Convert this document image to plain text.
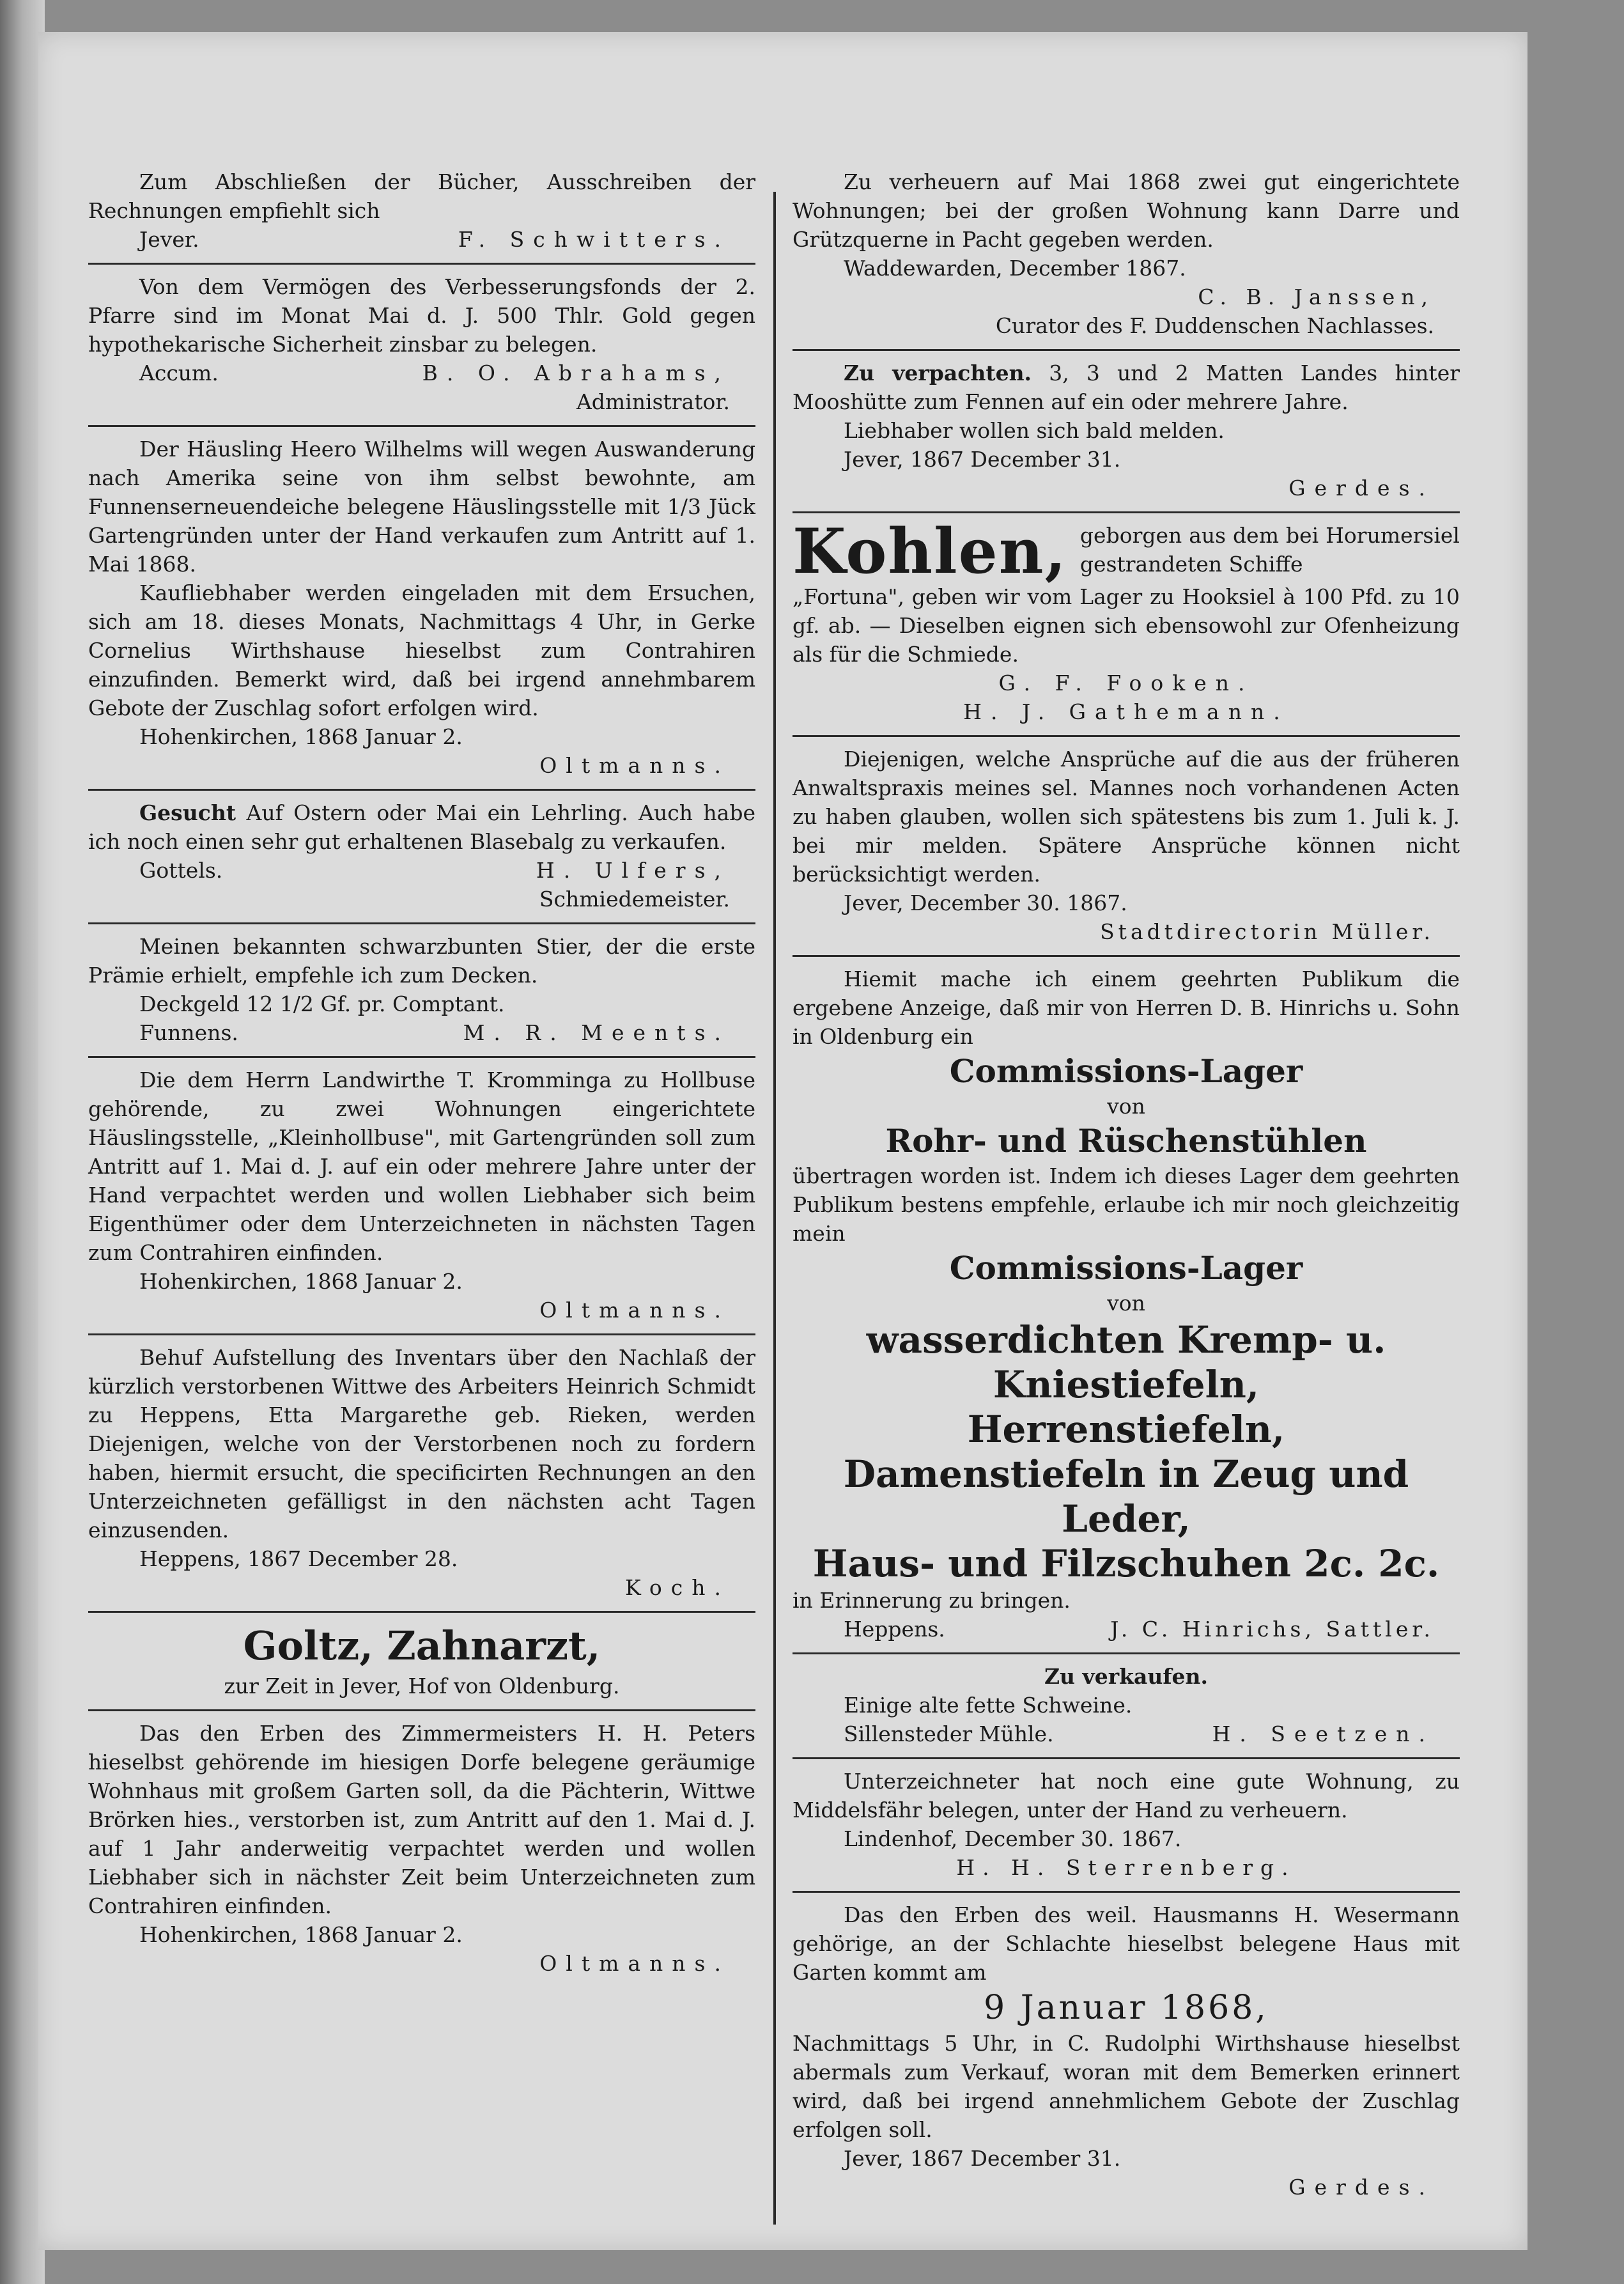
Zum Abschließen der Bücher, Ausschreiben der Rechnungen empfiehlt sich

Jever.	F. Schwitters.

Von dem Vermögen des Verbesserungsfonds der 2. Pfarre sind im Monat Mai d. J. 500 Thlr. Gold gegen hypothekarische Sicherheit zinsbar zu belegen.

Accum.	B. O. Abrahams,

Administrator.

Der Häusling Heero Wilhelms will wegen Auswanderung nach Amerika seine von ihm selbst bewohnte, am Funnenserneuendeiche belegene Häuslingsstelle mit 1/3 Jück Gartengründen unter der Hand verkaufen zum Antritt auf 1. Mai 1868.

Kaufliebhaber werden eingeladen mit dem Ersuchen, sich am 18. dieses Monats, Nachmittags 4 Uhr, in Gerke Cornelius Wirthshause hieselbst zum Contrahiren einzufinden. Bemerkt wird, daß bei irgend annehmbarem Gebote der Zuschlag sofort erfolgen wird.

Hohenkirchen, 1868 Januar 2.

Oltmanns.

Gesucht Auf Ostern oder Mai ein Lehrling. Auch habe ich noch einen sehr gut erhaltenen Blasebalg zu verkaufen.

Gottels.	H. Ulfers,

Schmiedemeister.

Meinen bekannten schwarzbunten Stier, der die erste Prämie erhielt, empfehle ich zum Decken.

Deckgeld 12 1/2 Gf. pr. Comptant.

Funnens.	M. R. Meents.

Die dem Herrn Landwirthe T. Kromminga zu Hollbuse gehörende, zu zwei Wohnungen eingerichtete Häuslingsstelle, „Kleinhollbuse", mit Gartengründen soll zum Antritt auf 1. Mai d. J. auf ein oder mehrere Jahre unter der Hand verpachtet werden und wollen Liebhaber sich beim Eigenthümer oder dem Unterzeichneten in nächsten Tagen zum Contrahiren einfinden.

Hohenkirchen, 1868 Januar 2.

Oltmanns.

Behuf Aufstellung des Inventars über den Nachlaß der kürzlich verstorbenen Wittwe des Arbeiters Heinrich Schmidt zu Heppens, Etta Margarethe geb. Rieken, werden Diejenigen, welche von der Verstorbenen noch zu fordern haben, hiermit ersucht, die specificirten Rechnungen an den Unterzeichneten gefälligst in den nächsten acht Tagen einzusenden.

Heppens, 1867 December 28.

Koch.

Goltz, Zahnarzt,

zur Zeit in Jever, Hof von Oldenburg.

Das den Erben des Zimmermeisters H. H. Peters hieselbst gehörende im hiesigen Dorfe belegene geräumige Wohnhaus mit großem Garten soll, da die Pächterin, Wittwe Brörken hies., verstorben ist, zum Antritt auf den 1. Mai d. J. auf 1 Jahr anderweitig verpachtet werden und wollen Liebhaber sich in nächster Zeit beim Unterzeichneten zum Contrahiren einfinden.

Hohenkirchen, 1868 Januar 2.

Oltmanns.

Zu verheuern auf Mai 1868 zwei gut eingerichtete Wohnungen; bei der großen Wohnung kann Darre und Grützquerne in Pacht gegeben werden.

Waddewarden, December 1867.

C. B. Janssen,

Curator des F. Duddenschen Nachlasses.

Zu verpachten. 3, 3 und 2 Matten Landes hinter Mooshütte zum Fennen auf ein oder mehrere Jahre.

Liebhaber wollen sich bald melden.

Jever, 1867 December 31.

Gerdes.

Kohlen, geborgen aus dem bei Horumersiel gestrandeten Schiffe

„Fortuna", geben wir vom Lager zu Hooksiel à 100 Pfd. zu 10 gf. ab. — Dieselben eignen sich ebensowohl zur Ofenheizung als für die Schmiede.

G. F. Fooken.

H. J. Gathemann.

Diejenigen, welche Ansprüche auf die aus der früheren Anwaltspraxis meines sel. Mannes noch vorhandenen Acten zu haben glauben, wollen sich spätestens bis zum 1. Juli k. J. bei mir melden. Spätere Ansprüche können nicht berücksichtigt werden.

Jever, December 30. 1867.

Stadtdirectorin Müller.

Hiemit mache ich einem geehrten Publikum die ergebene Anzeige, daß mir von Herren D. B. Hinrichs u. Sohn in Oldenburg ein

Commissions-Lager

von

Rohr- und Rüschenstühlen

übertragen worden ist. Indem ich dieses Lager dem geehrten Publikum bestens empfehle, erlaube ich mir noch gleichzeitig mein

Commissions-Lager

von

wasserdichten Kremp- u. Kniestiefeln,
Herrenstiefeln,
Damenstiefeln in Zeug und Leder,
Haus- und Filzschuhen 2c. 2c.

in Erinnerung zu bringen.

Heppens.	J. C. Hinrichs, Sattler.

Zu verkaufen.

Einige alte fette Schweine.

Sillensteder Mühle.	H. Seetzen.

Unterzeichneter hat noch eine gute Wohnung, zu Middelsfähr belegen, unter der Hand zu verheuern.

Lindenhof, December 30. 1867.

H. H. Sterrenberg.

Das den Erben des weil. Hausmanns H. Wesermann gehörige, an der Schlachte hieselbst belegene Haus mit Garten kommt am

9 Januar 1868,

Nachmittags 5 Uhr, in C. Rudolphi Wirthshause hieselbst abermals zum Verkauf, woran mit dem Bemerken erinnert wird, daß bei irgend annehmlichem Gebote der Zuschlag erfolgen soll.

Jever, 1867 December 31.

Gerdes.
